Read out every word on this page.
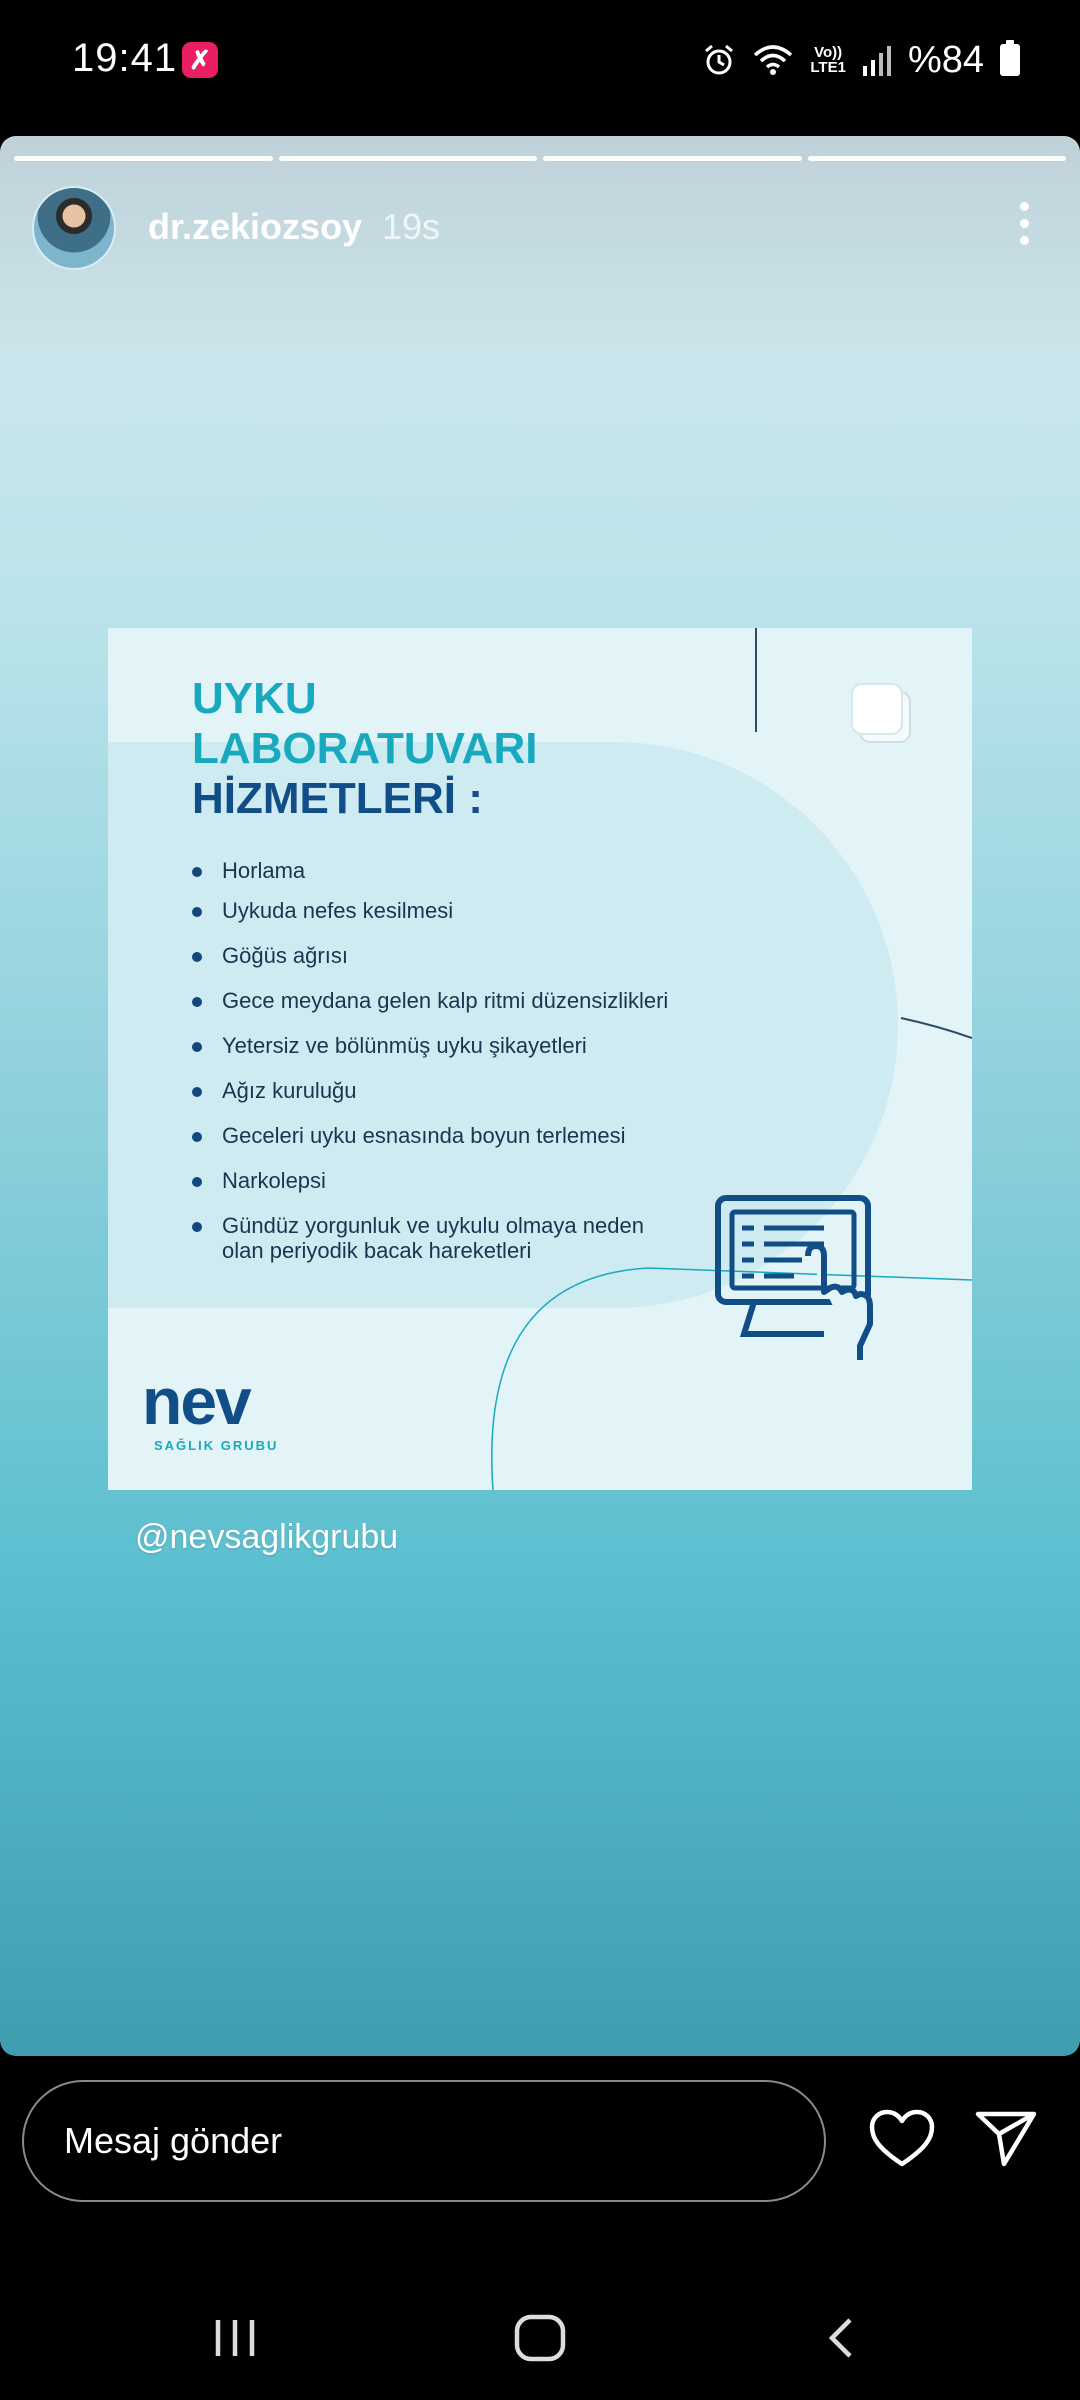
19:41 ✗	Vo))
LTE1 %84
dr.zekiozsoy 19s
UYKU
LABORATUVARI
HİZMETLERİ :
Horlama
Uykuda nefes kesilmesi
Göğüs ağrısı
Gece meydana gelen kalp ritmi düzensizlikleri
Yetersiz ve bölünmüş uyku şikayetleri
Ağız kuruluğu
Geceleri uyku esnasında boyun terlemesi
Narkolepsi
Gündüz yorgunluk ve uykulu olmaya neden olan periyodik bacak hareketleri
nev
SAĞLIK GRUBU
@nevsaglikgrubu
Mesaj gönder
